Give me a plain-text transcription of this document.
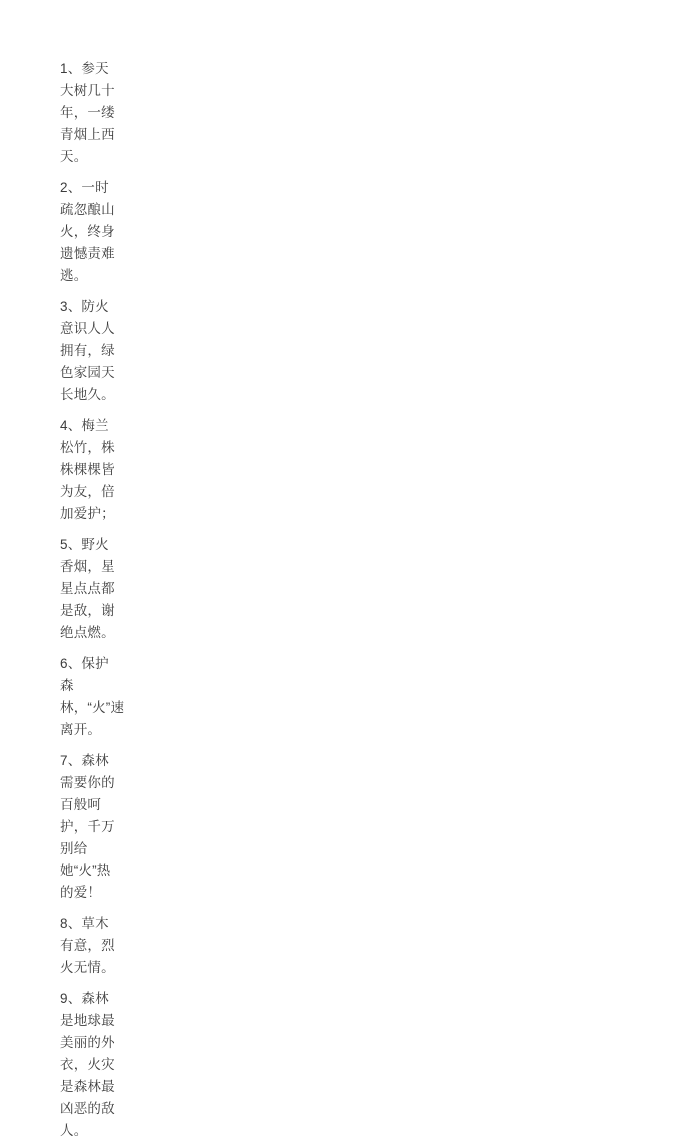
1、参天大树几十年，一缕青烟上西天。
2、一时疏忽酿山火，终身遗憾责难逃。
3、防火意识人人拥有，绿色家园天长地久。
4、梅兰松竹，株株棵棵皆为友，倍加爱护；
5、野火香烟，星星点点都是敌，谢绝点燃。
6、保护森林，“火”速离开。
7、森林需要你的百般呵护，千万别给她“火”热的爱！
8、草木有意，烈火无情。
9、森林是地球最美丽的外衣，火灾是森林最凶恶的敌人。
